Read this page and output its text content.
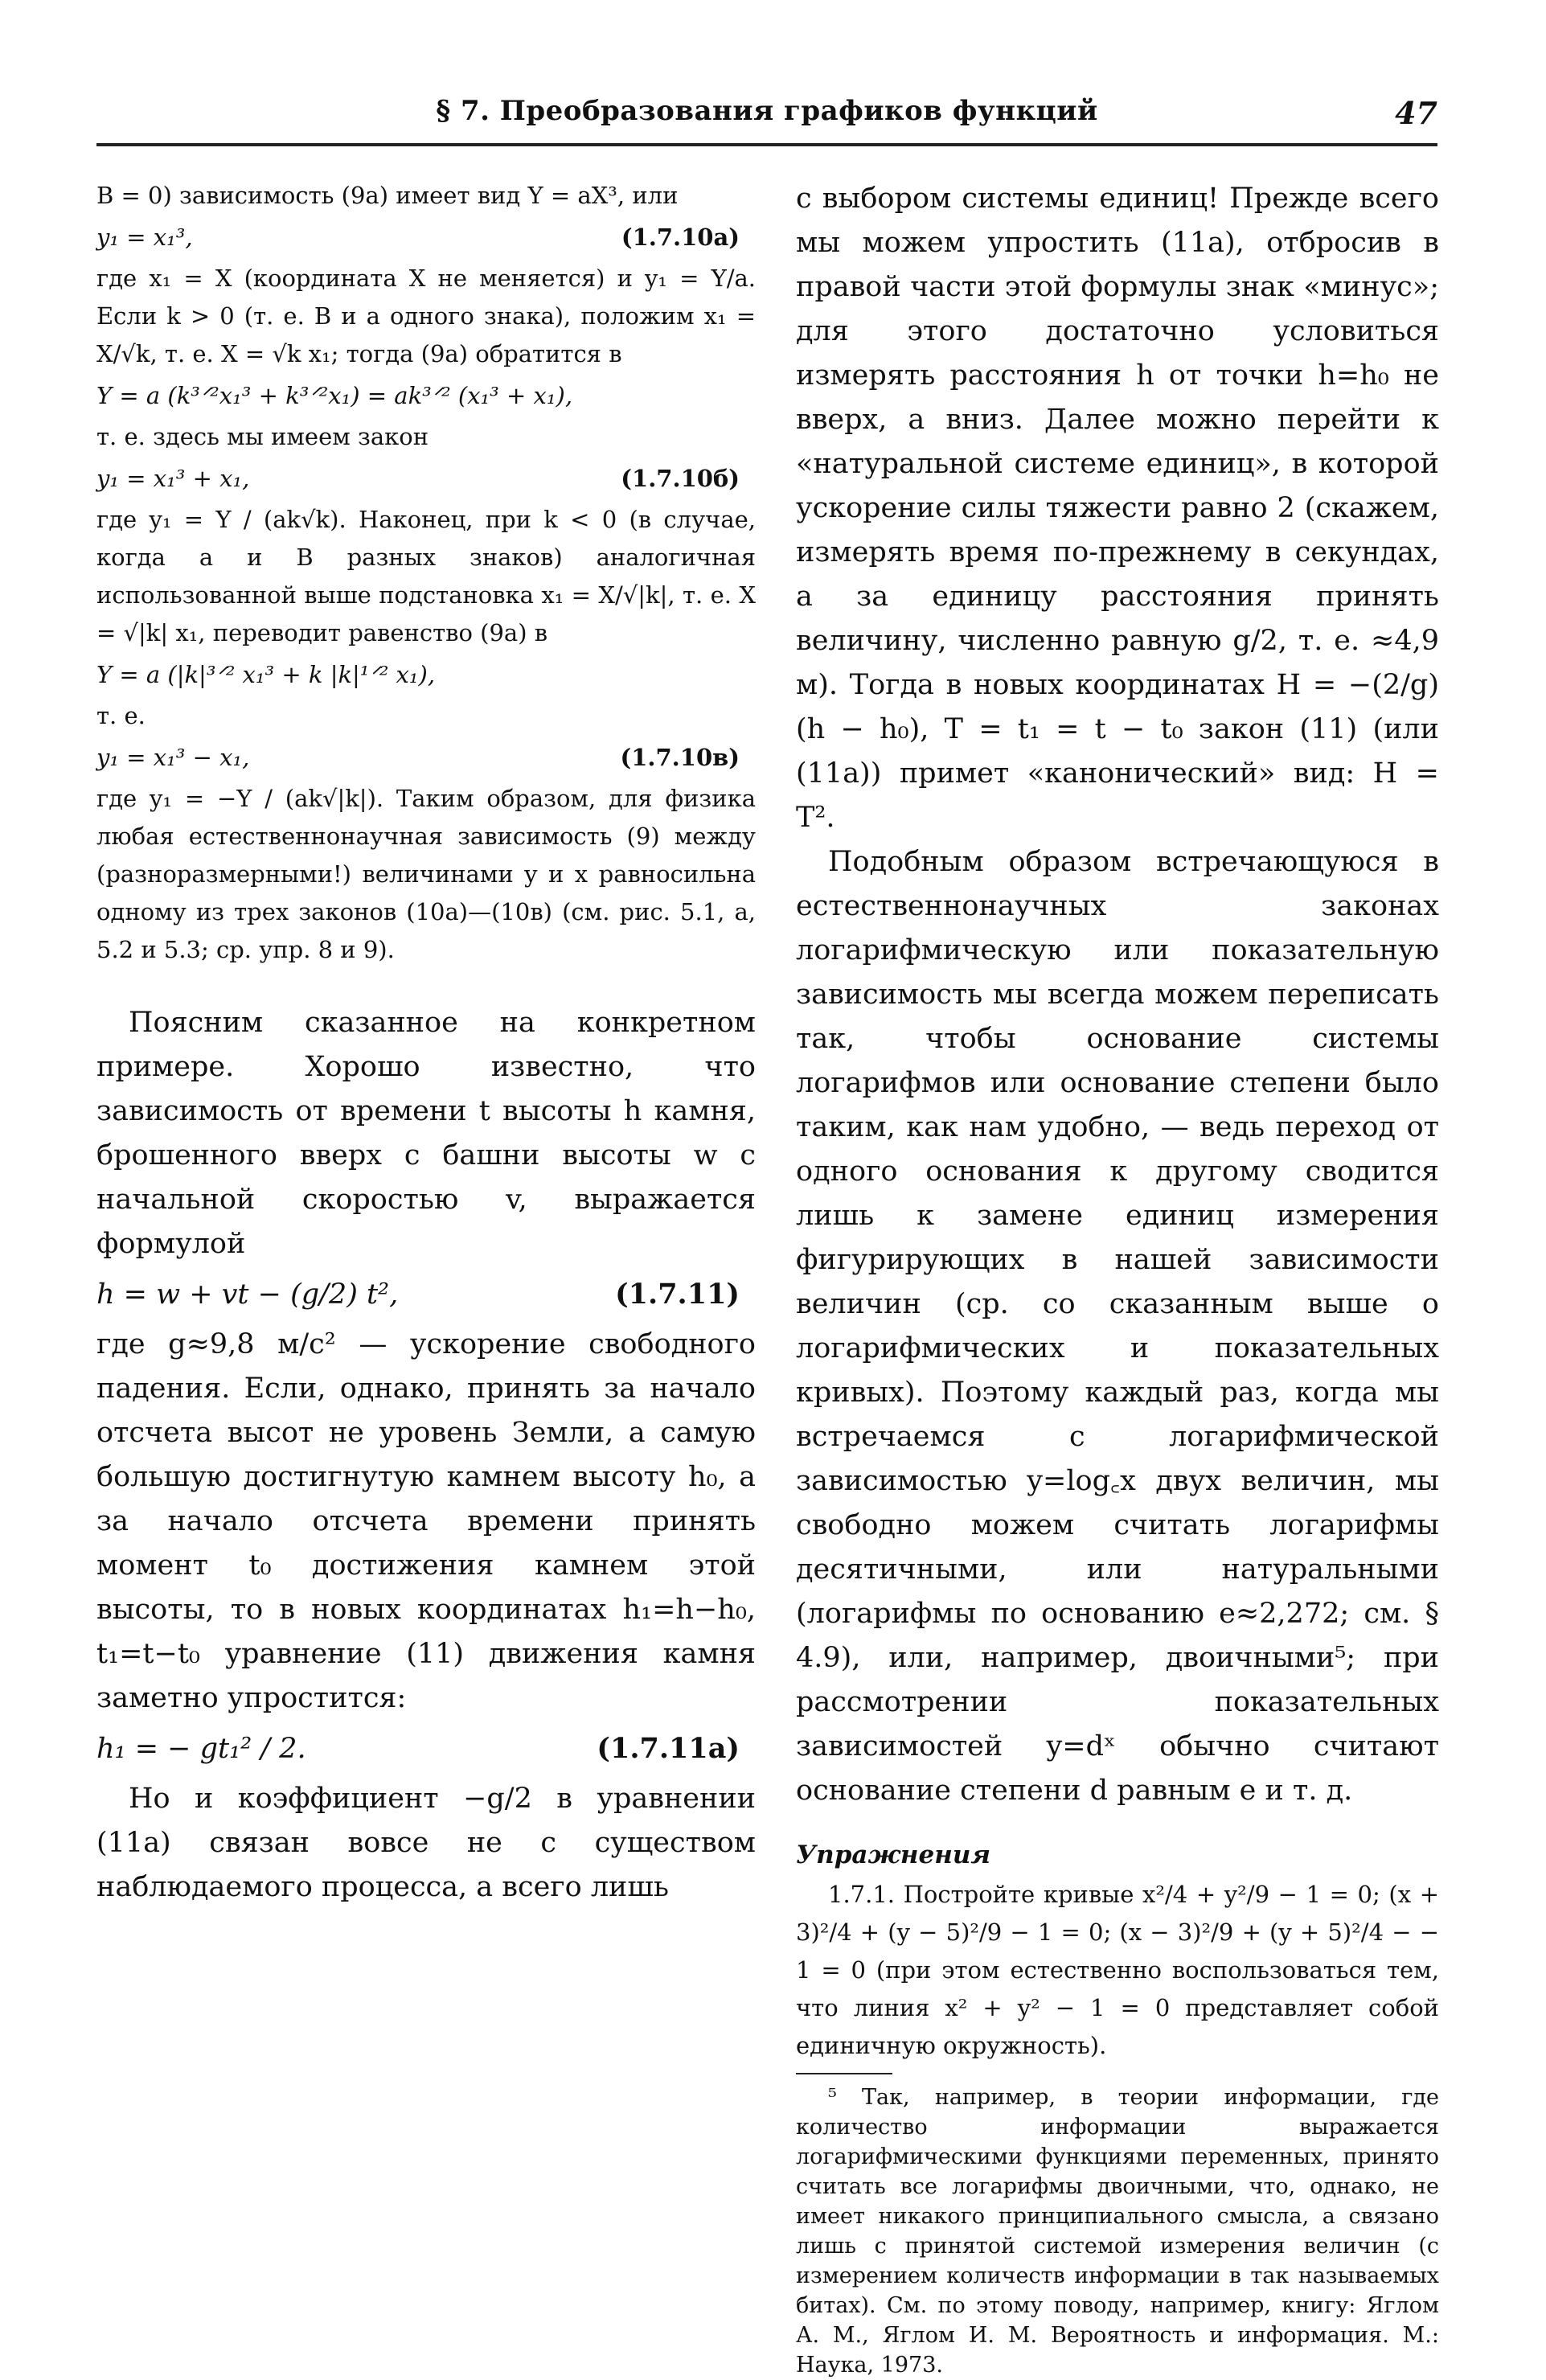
§ 7. Преобразования графиков функций	47

B = 0) зависимость (9а) имеет вид Y = aX³, или

y₁ = x₁³,	(1.7.10а)

где x₁ = X (координата X не меняется) и y₁ = Y/a. Если k > 0 (т. е. B и a одного знака), положим x₁ = X/√k, т. е. X = √k x₁; тогда (9а) обратится в

Y = a (k³ᐟ²x₁³ + k³ᐟ²x₁) = ak³ᐟ² (x₁³ + x₁),

т. е. здесь мы имеем закон

y₁ = x₁³ + x₁,	(1.7.10б)

где y₁ = Y / (ak√k). Наконец, при k < 0 (в случае, когда a и B разных знаков) аналогичная использованной выше подстановка x₁ = X/√|k|, т. е. X = √|k| x₁, переводит равенство (9а) в

Y = a (|k|³ᐟ² x₁³ + k |k|¹ᐟ² x₁),

т. е.

y₁ = x₁³ − x₁,	(1.7.10в)

где y₁ = −Y / (ak√|k|). Таким образом, для физика любая естественнонаучная зависимость (9) между (разноразмерными!) величинами y и x равносильна одному из трех законов (10а)—(10в) (см. рис. 5.1, а, 5.2 и 5.3; ср. упр. 8 и 9).

Поясним сказанное на конкретном примере. Хорошо известно, что зависимость от времени t высоты h камня, брошенного вверх с башни высоты w с начальной скоростью v, выражается формулой

h = w + vt − (g/2) t²,	(1.7.11)

где g≈9,8 м/с² — ускорение свободного падения. Если, однако, принять за начало отсчета высот не уровень Земли, а самую большую достигнутую камнем высоту h₀, а за начало отсчета времени принять момент t₀ достижения камнем этой высоты, то в новых координатах h₁=h−h₀, t₁=t−t₀ уравнение (11) движения камня заметно упростится:

h₁ = − gt₁² / 2.	(1.7.11а)

Но и коэффициент −g/2 в уравнении (11а) связан вовсе не с существом наблюдаемого процесса, а всего лишь

с выбором системы единиц! Прежде всего мы можем упростить (11а), отбросив в правой части этой формулы знак «минус»; для этого достаточно условиться измерять расстояния h от точки h=h₀ не вверх, а вниз. Далее можно перейти к «натуральной системе единиц», в которой ускорение силы тяжести равно 2 (скажем, измерять время по-прежнему в секундах, а за единицу расстояния принять величину, численно равную g/2, т. е. ≈4,9 м). Тогда в новых координатах H = −(2/g)(h − h₀), T = t₁ = t − t₀ закон (11) (или (11а)) примет «канонический» вид: H = T².

Подобным образом встречающуюся в естественнонаучных законах логарифмическую или показательную зависимость мы всегда можем переписать так, чтобы основание системы логарифмов или основание степени было таким, как нам удобно, — ведь переход от одного основания к другому сводится лишь к замене единиц измерения фигурирующих в нашей зависимости величин (ср. со сказанным выше о логарифмических и показательных кривых). Поэтому каждый раз, когда мы встречаемся с логарифмической зависимостью y=log꜀x двух величин, мы свободно можем считать логарифмы десятичными, или натуральными (логарифмы по основанию e≈2,272; см. § 4.9), или, например, двоичными⁵; при рассмотрении показательных зависимостей y=dˣ обычно считают основание степени d равным e и т. д.

Упражнения

1.7.1. Постройте кривые x²/4 + y²/9 − 1 = 0; (x + 3)²/4 + (y − 5)²/9 − 1 = 0; (x − 3)²/9 + (y + 5)²/4 − − 1 = 0 (при этом естественно воспользоваться тем, что линия x² + y² − 1 = 0 представляет собой единичную окружность).

⁵ Так, например, в теории информации, где количество информации выражается логарифмическими функциями переменных, принято считать все логарифмы двоичными, что, однако, не имеет никакого принципиального смысла, а связано лишь с принятой системой измерения величин (с измерением количеств информации в так называемых битах). См. по этому поводу, например, книгу: Яглом А. М., Яглом И. М. Вероятность и информация. М.: Наука, 1973.
